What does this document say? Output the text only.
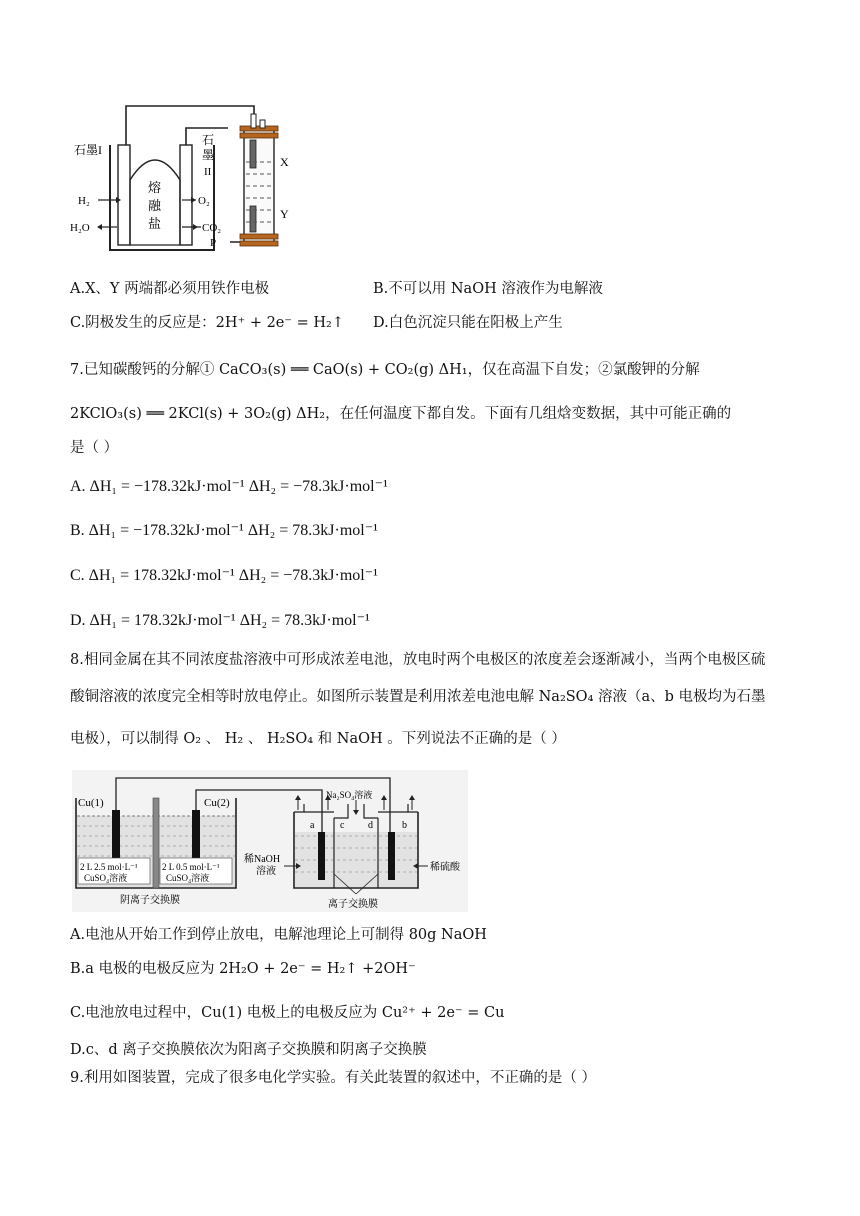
石墨I
石
墨
II
H₂
H₂O
O₂
CO₂
P
熔
融
盐
X
Y
A.X、Y 两端都必须用铁作电极	B.不可以用 NaOH 溶液作为电解液
C.阴极发生的反应是：2H⁺ + 2e⁻ = H₂↑ D.白色沉淀只能在阳极上产生
7.已知碳酸钙的分解① CaCO₃(s) ══ CaO(s) + CO₂(g) ΔH₁，仅在高温下自发；②氯酸钾的分解
2KClO₃(s) ══ 2KCl(s) + 3O₂(g) ΔH₂，在任何温度下都自发。下面有几组焓变数据，其中可能正确的
是（ ）
A. ΔH₁ = −178.32kJ·mol⁻¹ ΔH₂ = −78.3kJ·mol⁻¹
B. ΔH₁ = −178.32kJ·mol⁻¹ ΔH₂ = 78.3kJ·mol⁻¹
C. ΔH₁ = 178.32kJ·mol⁻¹ ΔH₂ = −78.3kJ·mol⁻¹
D. ΔH₁ = 178.32kJ·mol⁻¹ ΔH₂ = 78.3kJ·mol⁻¹
8.相同金属在其不同浓度盐溶液中可形成浓差电池，放电时两个电极区的浓度差会逐渐减小，当两个电极区硫
酸铜溶液的浓度完全相等时放电停止。如图所示装置是利用浓差电池电解 Na₂SO₄ 溶液（a、b 电极均为石墨
电极），可以制得 O₂ 、 H₂ 、 H₂SO₄ 和 NaOH 。下列说法不正确的是（ ）
Cu(1)	Cu(2)
2 L 2.5 mol·L⁻¹
CuSO₄溶液
2 L 0.5 mol·L⁻¹
CuSO₄溶液
阴离子交换膜
Na₂SO₄溶液
a	b
c d
稀NaOH
溶液	稀硫酸
离子交换膜
A.电池从开始工作到停止放电，电解池理论上可制得 80g NaOH
B.a 电极的电极反应为 2H₂O + 2e⁻ = H₂↑ +2OH⁻
C.电池放电过程中，Cu(1) 电极上的电极反应为 Cu²⁺ + 2e⁻ = Cu
D.c、d 离子交换膜依次为阳离子交换膜和阴离子交换膜
9.利用如图装置，完成了很多电化学实验。有关此装置的叙述中，不正确的是（ ）
